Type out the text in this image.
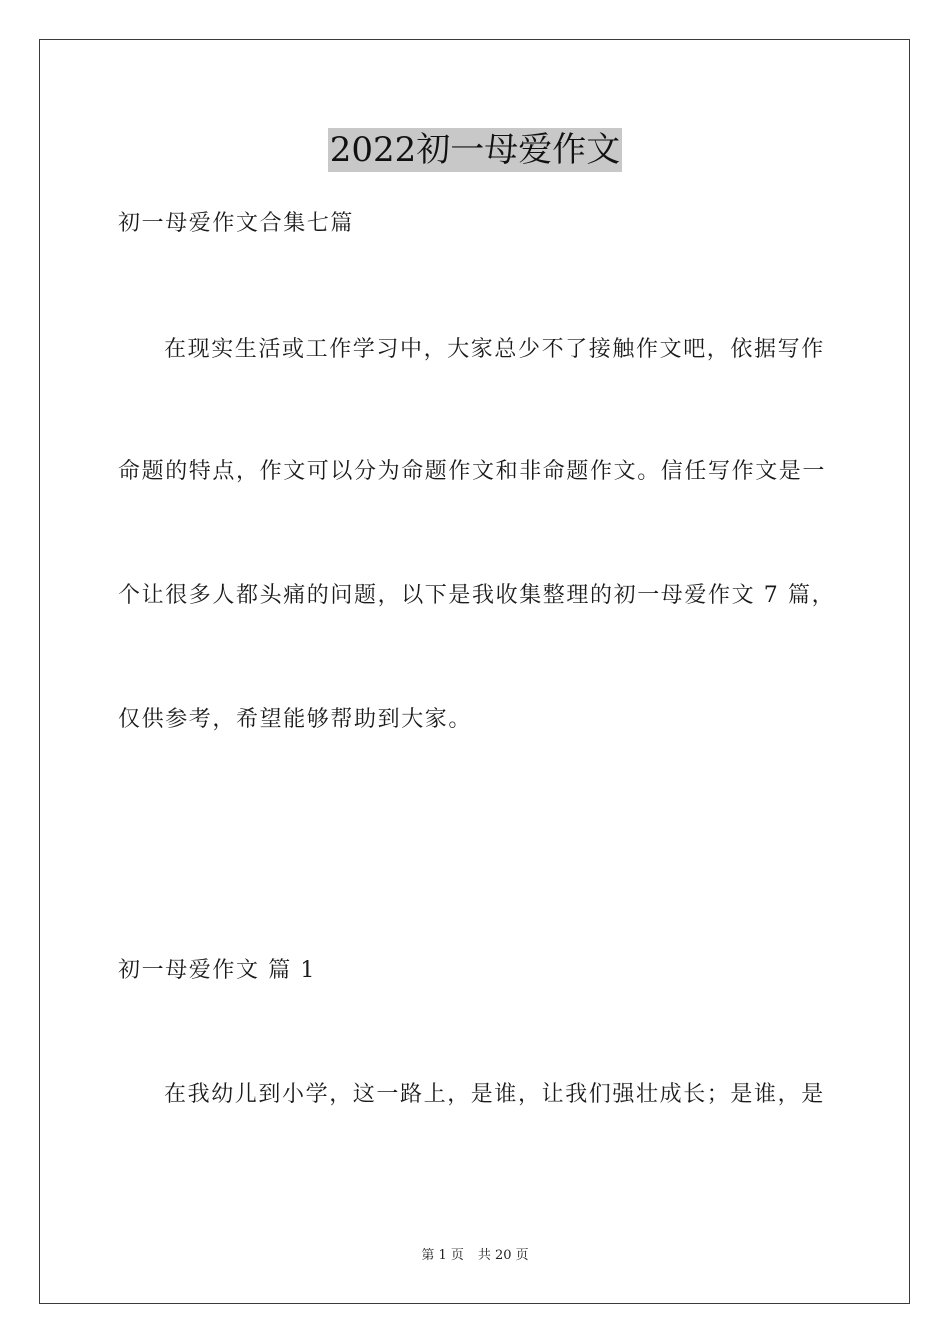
2022初一母爱作文
初一母爱作文合集七篇
在现实生活或工作学习中，大家总少不了接触作文吧，依据写作
命题的特点，作文可以分为命题作文和非命题作文。信任写作文是一
个让很多人都头痛的问题，以下是我收集整理的初一母爱作文 7 篇，
仅供参考，希望能够帮助到大家。
初一母爱作文 篇 1
在我幼儿到小学，这一路上，是谁，让我们强壮成长；是谁，是
第 1 页 共 20 页
